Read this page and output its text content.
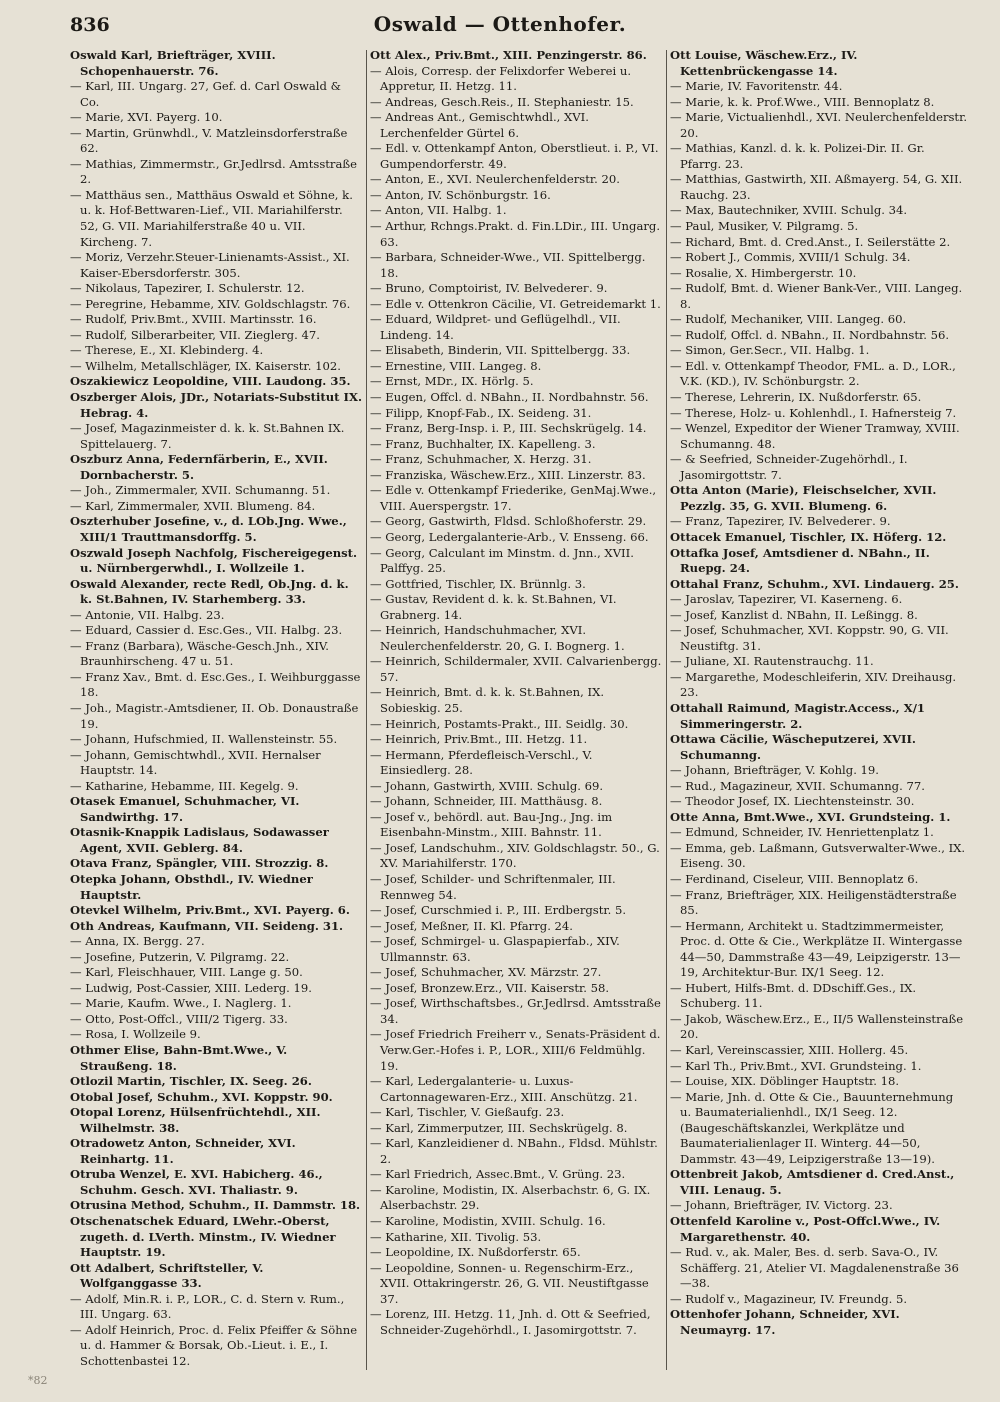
836	Oswald — Ottenhofer.

Oswald Karl, Briefträger, XVIII. Schopenhauerstr. 76.

— Karl, III. Ungarg. 27, Gef. d. Carl Oswald & Co.

— Marie, XVI. Payerg. 10.

— Martin, Grünwhdl., V. Matzleinsdorferstraße 62.

— Mathias, Zimmermstr., Gr.Jedlrsd. Amtsstraße 2.

— Matthäus sen., Matthäus Oswald et Söhne, k. u. k. Hof-Bettwaren-Lief., VII. Mariahilferstr. 52, G. VII. Mariahilferstraße 40 u. VII. Kircheng. 7.

— Moriz, Verzehr.Steuer-Linienamts-Assist., XI. Kaiser-Ebersdorferstr. 305.

— Nikolaus, Tapezirer, I. Schulerstr. 12.

— Peregrine, Hebamme, XIV. Goldschlagstr. 76.

— Rudolf, Priv.Bmt., XVIII. Martinsstr. 16.

— Rudolf, Silberarbeiter, VII. Zieglerg. 47.

— Therese, E., XI. Klebinderg. 4.

— Wilhelm, Metallschläger, IX. Kaiserstr. 102.

Oszakiewicz Leopoldine, VIII. Laudong. 35.

Oszberger Alois, JDr., Notariats-Substitut IX. Hebrag. 4.

— Josef, Magazinmeister d. k. k. St.Bahnen IX. Spittelauerg. 7.

Oszburz Anna, Federnfärberin, E., XVII. Dornbacherstr. 5.

— Joh., Zimmermaler, XVII. Schumanng. 51.

— Karl, Zimmermaler, XVII. Blumeng. 84.

Oszterhuber Josefine, v., d. LOb.Jng. Wwe., XIII/1 Trauttmansdorffg. 5.

Oszwald Joseph Nachfolg, Fischereigegenst. u. Nürnbergerwhdl., I. Wollzeile 1.

Oswald Alexander, recte Redl, Ob.Jng. d. k. k. St.Bahnen, IV. Starhemberg. 33.

— Antonie, VII. Halbg. 23.

— Eduard, Cassier d. Esc.Ges., VII. Halbg. 23.

— Franz (Barbara), Wäsche-Gesch.Jnh., XIV. Braunhirscheng. 47 u. 51.

— Franz Xav., Bmt. d. Esc.Ges., I. Weihburggasse 18.

— Joh., Magistr.-Amtsdiener, II. Ob. Donaustraße 19.

— Johann, Hufschmied, II. Wallensteinstr. 55.

— Johann, Gemischtwhdl., XVII. Hernalser Hauptstr. 14.

— Katharine, Hebamme, III. Kegelg. 9.

Otasek Emanuel, Schuhmacher, VI. Sandwirthg. 17.

Otasnik-Knappik Ladislaus, Sodawasser Agent, XVII. Geblerg. 84.

Otava Franz, Spängler, VIII. Strozzig. 8.

Otepka Johann, Obsthdl., IV. Wiedner Hauptstr.

Otevkel Wilhelm, Priv.Bmt., XVI. Payerg. 6.

Oth Andreas, Kaufmann, VII. Seideng. 31.

— Anna, IX. Bergg. 27.

— Josefine, Putzerin, V. Pilgramg. 22.

— Karl, Fleischhauer, VIII. Lange g. 50.

— Ludwig, Post-Cassier, XIII. Lederg. 19.

— Marie, Kaufm. Wwe., I. Naglerg. 1.

— Otto, Post-Offcl., VIII/2 Tigerg. 33.

— Rosa, I. Wollzeile 9.

Othmer Elise, Bahn-Bmt.Wwe., V. Straußeng. 18.

Otlozil Martin, Tischler, IX. Seeg. 26.

Otobal Josef, Schuhm., XVI. Koppstr. 90.

Otopal Lorenz, Hülsenfrüchtehdl., XII. Wilhelmstr. 38.

Otradowetz Anton, Schneider, XVI. Reinhartg. 11.

Otruba Wenzel, E. XVI. Habicherg. 46., Schuhm. Gesch. XVI. Thaliastr. 9.

Otrusina Method, Schuhm., II. Dammstr. 18.

Otschenatschek Eduard, LWehr.-Oberst, zugeth. d. LVerth. Minstm., IV. Wiedner Hauptstr. 19.

Ott Adalbert, Schriftsteller, V. Wolfganggasse 33.

— Adolf, Min.R. i. P., LOR., C. d. Stern v. Rum., III. Ungarg. 63.

— Adolf Heinrich, Proc. d. Felix Pfeiffer & Söhne u. d. Hammer & Borsak, Ob.-Lieut. i. E., I. Schottenbastei 12.

Ott Alex., Priv.Bmt., XIII. Penzingerstr. 86.

— Alois, Corresp. der Felixdorfer Weberei u. Appretur, II. Hetzg. 11.

— Andreas, Gesch.Reis., II. Stephaniestr. 15.

— Andreas Ant., Gemischtwhdl., XVI. Lerchenfelder Gürtel 6.

— Edl. v. Ottenkampf Anton, Oberstlieut. i. P., VI. Gumpendorferstr. 49.

— Anton, E., XVI. Neulerchenfelderstr. 20.

— Anton, IV. Schönburgstr. 16.

— Anton, VII. Halbg. 1.

— Arthur, Rchngs.Prakt. d. Fin.LDir., III. Ungarg. 63.

— Barbara, Schneider-Wwe., VII. Spittelbergg. 18.

— Bruno, Comptoirist, IV. Belvederег. 9.

— Edle v. Ottenkron Cäcilie, VI. Getreidemarkt 1.

— Eduard, Wildpret- und Geflügelhdl., VII. Lindeng. 14.

— Elisabeth, Binderin, VII. Spittelbergg. 33.

— Ernestine, VIII. Langeg. 8.

— Ernst, MDr., IX. Hörlg. 5.

— Eugen, Offcl. d. NBahn., II. Nordbahnstr. 56.

— Filipp, Knopf-Fab., IX. Seideng. 31.

— Franz, Berg-Insp. i. P., III. Sechskrügelg. 14.

— Franz, Buchhalter, IX. Kapelleng. 3.

— Franz, Schuhmacher, X. Herzg. 31.

— Franziska, Wäschew.Erz., XIII. Linzerstr. 83.

— Edle v. Ottenkampf Friederike, GenMaj.Wwe., VIII. Auerspergstr. 17.

— Georg, Gastwirth, Fldsd. Schloßhoferstr. 29.

— Georg, Ledergalanterie-Arb., V. Ensseng. 66.

— Georg, Calculant im Minstm. d. Jnn., XVII. Palffyg. 25.

— Gottfried, Tischler, IX. Brünnlg. 3.

— Gustav, Revident d. k. k. St.Bahnen, VI. Grabnerg. 14.

— Heinrich, Handschuhmacher, XVI. Neulerchenfelderstr. 20, G. I. Bognerg. 1.

— Heinrich, Schildermaler, XVII. Calvarienbergg. 57.

— Heinrich, Bmt. d. k. k. St.Bahnen, IX. Sobieskig. 25.

— Heinrich, Postamts-Prakt., III. Seidlg. 30.

— Heinrich, Priv.Bmt., III. Hetzg. 11.

— Hermann, Pferdefleisch-Verschl., V. Einsiedlerg. 28.

— Johann, Gastwirth, XVIII. Schulg. 69.

— Johann, Schneider, III. Matthäusg. 8.

— Josef v., behördl. aut. Bau-Jng., Jng. im Eisenbahn-Minstm., XIII. Bahnstr. 11.

— Josef, Landschuhm., XIV. Goldschlagstr. 50., G. XV. Mariahilferstr. 170.

— Josef, Schilder- und Schriftenmaler, III. Rennweg 54.

— Josef, Curschmied i. P., III. Erdbergstr. 5.

— Josef, Meßner, II. Kl. Pfarrg. 24.

— Josef, Schmirgel- u. Glaspapierfab., XIV. Ullmannstr. 63.

— Josef, Schuhmacher, XV. Märzstr. 27.

— Josef, Bronzew.Erz., VII. Kaiserstr. 58.

— Josef, Wirthschaftsbes., Gr.Jedlrsd. Amtsstraße 34.

— Josef Friedrich Freiherr v., Senats-Präsident d. Verw.Ger.-Hofes i. P., LOR., XIII/6 Feldmühlg. 19.

— Karl, Ledergalanterie- u. Luxus-Cartonnagewaren-Erz., XIII. Anschützg. 21.

— Karl, Tischler, V. Gießaufg. 23.

— Karl, Zimmerputzer, III. Sechskrügelg. 8.

— Karl, Kanzleidiener d. NBahn., Fldsd. Mühlstr. 2.

— Karl Friedrich, Assec.Bmt., V. Grüng. 23.

— Karoline, Modistin, IX. Alserbachstr. 6, G. IX. Alserbachstr. 29.

— Karoline, Modistin, XVIII. Schulg. 16.

— Katharine, XII. Tivolig. 53.

— Leopoldine, IX. Nußdorferstr. 65.

— Leopoldine, Sonnen- u. Regenschirm-Erz., XVII. Ottakringerstr. 26, G. VII. Neustiftgasse 37.

— Lorenz, III. Hetzg. 11, Jnh. d. Ott & Seefried, Schneider-Zugehörhdl., I. Jasomirgottstr. 7.

Ott Louise, Wäschew.Erz., IV. Kettenbrückengasse 14.

— Marie, IV. Favoritenstr. 44.

— Marie, k. k. Prof.Wwe., VIII. Bennoplatz 8.

— Marie, Victualienhdl., XVI. Neulerchenfelderstr. 20.

— Mathias, Kanzl. d. k. k. Polizei-Dir. II. Gr. Pfarrg. 23.

— Matthias, Gastwirth, XII. Aßmayerg. 54, G. XII. Rauchg. 23.

— Max, Bautechniker, XVIII. Schulg. 34.

— Paul, Musiker, V. Pilgramg. 5.

— Richard, Bmt. d. Cred.Anst., I. Seilerstätte 2.

— Robert J., Commis, XVIII/1 Schulg. 34.

— Rosalie, X. Himbergerstr. 10.

— Rudolf, Bmt. d. Wiener Bank-Ver., VIII. Langeg. 8.

— Rudolf, Mechaniker, VIII. Langeg. 60.

— Rudolf, Offcl. d. NBahn., II. Nordbahnstr. 56.

— Simon, Ger.Secr., VII. Halbg. 1.

— Edl. v. Ottenkampf Theodor, FML. a. D., LOR., V.K. (KD.), IV. Schönburgstr. 2.

— Therese, Lehrerin, IX. Nußdorferstr. 65.

— Therese, Holz- u. Kohlenhdl., I. Hafnersteig 7.

— Wenzel, Expeditor der Wiener Tramway, XVIII. Schumanng. 48.

— & Seefried, Schneider-Zugehörhdl., I. Jasomirgottstr. 7.

Otta Anton (Marie), Fleischselcher, XVII. Pezzlg. 35, G. XVII. Blumeng. 6.

— Franz, Tapezirer, IV. Belvederег. 9.

Ottacek Emanuel, Tischler, IX. Höferg. 12.

Ottafka Josef, Amtsdiener d. NBahn., II. Ruepg. 24.

Ottahal Franz, Schuhm., XVI. Lindauerg. 25.

— Jaroslav, Tapezirer, VI. Kaserneng. 6.

— Josef, Kanzlist d. NBahn, II. Leßingg. 8.

— Josef, Schuhmacher, XVI. Koppstr. 90, G. VII. Neustiftg. 31.

— Juliane, XI. Rautenstrauchg. 11.

— Margarethe, Modeschleiferin, XIV. Dreihausg. 23.

Ottahall Raimund, Magistr.Access., X/1 Simmeringerstr. 2.

Ottawa Cäcilie, Wäscheputzerei, XVII. Schumanng.

— Johann, Briefträger, V. Kohlg. 19.

— Rud., Magazineur, XVII. Schumanng. 77.

— Theodor Josef, IX. Liechtensteinstr. 30.

Otte Anna, Bmt.Wwe., XVI. Grundsteing. 1.

— Edmund, Schneider, IV. Henriettenplatz 1.

— Emma, geb. Laßmann, Gutsverwalter-Wwe., IX. Eiseng. 30.

— Ferdinand, Ciseleur, VIII. Bennoplatz 6.

— Franz, Briefträger, XIX. Heiligenstädterstraße 85.

— Hermann, Architekt u. Stadtzimmermeister, Proc. d. Otte & Cie., Werkplätze II. Wintergasse 44—50, Dammstraße 43—49, Leipzigerstr. 13—19, Architektur-Bur. IX/1 Seeg. 12.

— Hubert, Hilfs-Bmt. d. DDschiff.Ges., IX. Schuberg. 11.

— Jakob, Wäschew.Erz., E., II/5 Wallensteinstraße 20.

— Karl, Vereinscassier, XIII. Hollerg. 45.

— Karl Th., Priv.Bmt., XVI. Grundsteing. 1.

— Louise, XIX. Döblinger Hauptstr. 18.

— Marie, Jnh. d. Otte & Cie., Bauunternehmung u. Baumaterialienhdl., IX/1 Seeg. 12. (Baugeschäftskanzlei, Werkplätze und Baumaterialienlager II. Winterg. 44—50, Dammstr. 43—49, Leipzigerstraße 13—19).

Ottenbreit Jakob, Amtsdiener d. Cred.Anst., VIII. Lenaug. 5.

— Johann, Briefträger, IV. Victorg. 23.

Ottenfeld Karoline v., Post-Offcl.Wwe., IV. Margarethenstr. 40.

— Rud. v., ak. Maler, Bes. d. serb. Sava-O., IV. Schäfferg. 21, Atelier VI. Magdalenenstraße 36—38.

— Rudolf v., Magazineur, IV. Freundg. 5.

Ottenhofer Johann, Schneider, XVI. Neumayrg. 17.

*82
